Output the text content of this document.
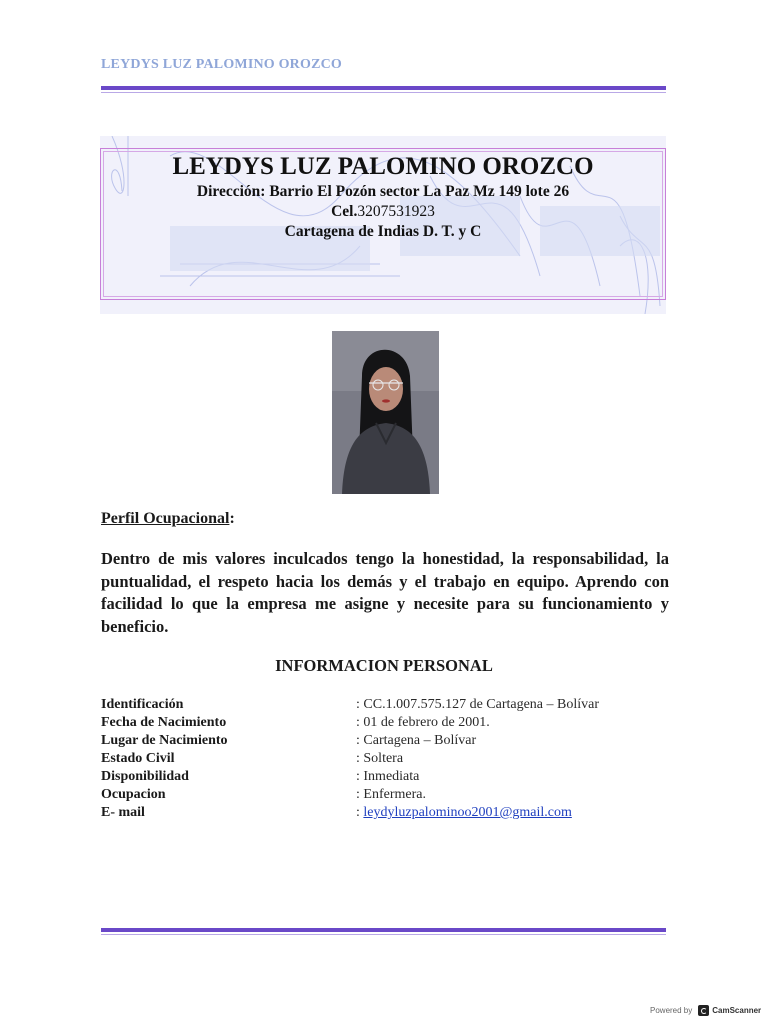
LEYDYS LUZ PALOMINO OROZCO
LEYDYS LUZ PALOMINO OROZCO
Dirección: Barrio El Pozón sector La Paz Mz 149 lote 26
Cel.3207531923
Cartagena de Indias D. T. y C
Perfil Ocupacional:
Dentro de mis valores inculcados tengo la honestidad, la responsabilidad, la puntualidad, el respeto hacia los demás y el trabajo en equipo. Aprendo con facilidad lo que la empresa me asigne y necesite para su funcionamiento y beneficio.
INFORMACION PERSONAL
Identificación	: CC.1.007.575.127 de Cartagena – Bolívar
Fecha de Nacimiento	: 01 de febrero de 2001.
Lugar de Nacimiento	: Cartagena – Bolívar
Estado Civil	: Soltera
Disponibilidad	: Inmediata
Ocupacion	: Enfermera.
E- mail	: leydyluzpalominoo2001@gmail.com
Powered by	CamScanner
